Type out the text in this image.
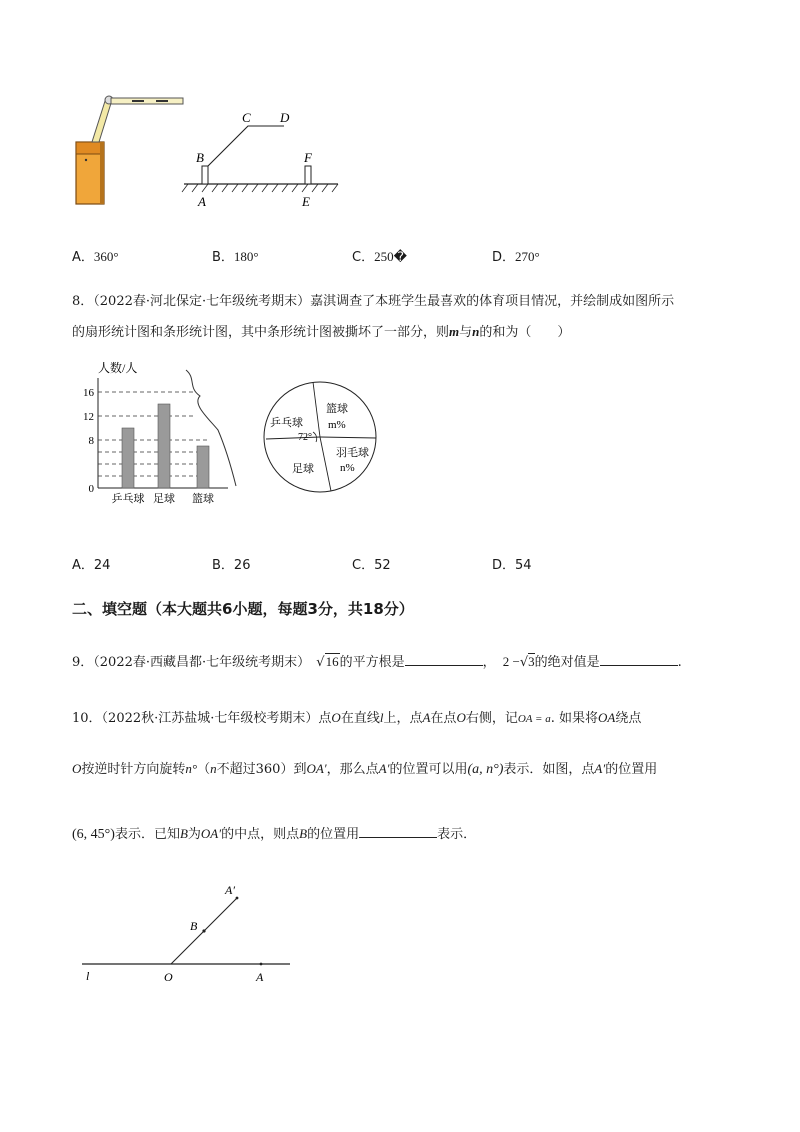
C D
B	F
A	E
A．360°	B．180°	C．250�	D．270°
8．（2022春·河北保定·七年级统考期末）嘉淇调查了本班学生最喜欢的体育项目情况，并绘制成如图所示
的扇形统计图和条形统计图，其中条形统计图被撕坏了一部分，则m与n的和为（　　）
0
8
12
16
乒乓球 足球 篮球
人数/人
乒乓球
72°
篮球
m%
羽毛球
n%
足球
A．24	B．26	C．52	D．54
二、填空题（本大题共6小题，每题3分，共18分）
9．（2022春·西藏昌都·七年级统考期末） √16的平方根是	， 2 −√3的绝对值是	.
10．（2022秋·江苏盐城·七年级校考期末）点O在直线l上，点A在点O右侧，记OA = a. 如果将OA绕点
O按逆时针方向旋转n°（n不超过360）到OA′，那么点A′的位置可以用(a, n°)表示．如图，点A′的位置用
(6, 45°)表示．已知B为OA′的中点，则点B的位置用	表示．
l	O	A
B
A′
